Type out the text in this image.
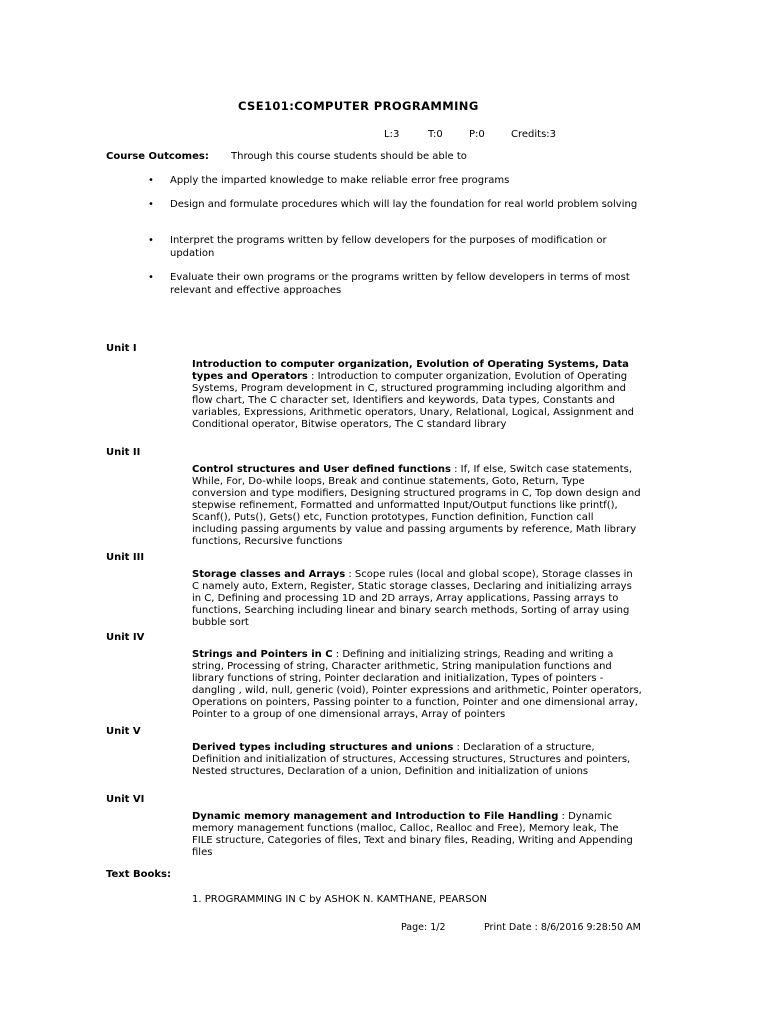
CSE101:COMPUTER PROGRAMMING
L:3	T:0	P:0	Credits:3
Course Outcomes: Through this course students should be able to
• Apply the imparted knowledge to make reliable error free programs
• Design and formulate procedures which will lay the foundation for real world problem solving
• Interpret the programs written by fellow developers for the purposes of modification or updation
• Evaluate their own programs or the programs written by fellow developers in terms of most relevant and effective approaches
Unit I
Introduction to computer organization, Evolution of Operating Systems, Data types and Operators : Introduction to computer organization, Evolution of Operating Systems, Program development in C, structured programming including algorithm and flow chart, The C character set, Identifiers and keywords, Data types, Constants and variables, Expressions, Arithmetic operators, Unary, Relational, Logical, Assignment and Conditional operator, Bitwise operators, The C standard library
Unit II
Control structures and User defined functions : If, If else, Switch case statements, While, For, Do-while loops, Break and continue statements, Goto, Return, Type conversion and type modifiers, Designing structured programs in C, Top down design and stepwise refinement, Formatted and unformatted Input/Output functions like printf(), Scanf(), Puts(), Gets() etc, Function prototypes, Function definition, Function call including passing arguments by value and passing arguments by reference, Math library functions, Recursive functions
Unit III
Storage classes and Arrays : Scope rules (local and global scope), Storage classes in C namely auto, Extern, Register, Static storage classes, Declaring and initializing arrays in C, Defining and processing 1D and 2D arrays, Array applications, Passing arrays to functions, Searching including linear and binary search methods, Sorting of array using bubble sort
Unit IV
Strings and Pointers in C : Defining and initializing strings, Reading and writing a string, Processing of string, Character arithmetic, String manipulation functions and library functions of string, Pointer declaration and initialization, Types of pointers - dangling , wild, null, generic (void), Pointer expressions and arithmetic, Pointer operators, Operations on pointers, Passing pointer to a function, Pointer and one dimensional array, Pointer to a group of one dimensional arrays, Array of pointers
Unit V
Derived types including structures and unions : Declaration of a structure, Definition and initialization of structures, Accessing structures, Structures and pointers, Nested structures, Declaration of a union, Definition and initialization of unions
Unit VI
Dynamic memory management and Introduction to File Handling : Dynamic memory management functions (malloc, Calloc, Realloc and Free), Memory leak, The FILE structure, Categories of files, Text and binary files, Reading, Writing and Appending files
Text Books:
1. PROGRAMMING IN C by ASHOK N. KAMTHANE, PEARSON
Page: 1/2	Print Date : 8/6/2016 9:28:50 AM
